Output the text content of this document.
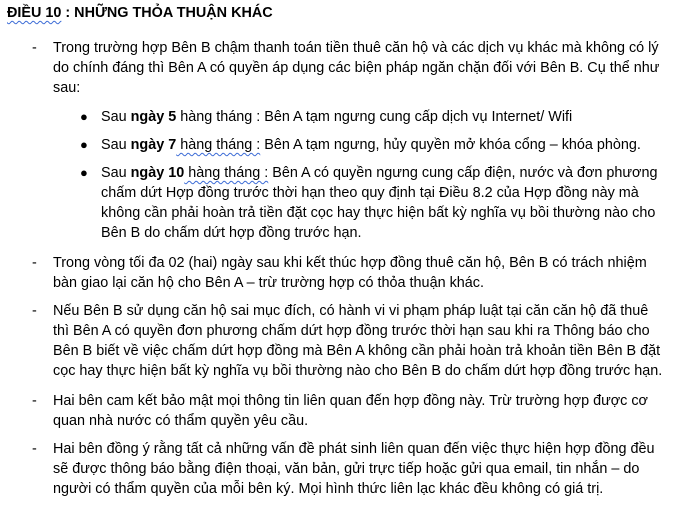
ĐIỀU 10 : NHỮNG THỎA THUẬN KHÁC
- Trong trường hợp Bên B chậm thanh toán tiền thuê căn hộ và các dịch vụ khác mà không có lý
do chính đáng thì Bên A có quyền áp dụng các biện pháp ngăn chặn đối với Bên B. Cụ thể như
sau:
● Sau ngày 5 hàng tháng : Bên A tạm ngưng cung cấp dịch vụ Internet/ Wifi
● Sau ngày 7 hàng tháng : Bên A tạm ngưng, hủy quyền mở khóa cổng – khóa phòng.
● Sau ngày 10 hàng tháng : Bên A có quyền ngưng cung cấp điện, nước và đơn phương
chấm dứt Hợp đồng trước thời hạn theo quy định tại Điều 8.2 của Hợp đồng này mà
không cần phải hoàn trả tiền đặt cọc hay thực hiện bất kỳ nghĩa vụ bồi thường nào cho
Bên B do chấm dứt hợp đồng trước hạn.
- Trong vòng tối đa 02 (hai) ngày sau khi kết thúc hợp đồng thuê căn hộ, Bên B có trách nhiệm
bàn giao lại căn hộ cho Bên A – trừ trường hợp có thỏa thuận khác.
- Nếu Bên B sử dụng căn hộ sai mục đích, có hành vi vi phạm pháp luật tại căn căn hộ đã thuê
thì Bên A có quyền đơn phương chấm dứt hợp đồng trước thời hạn sau khi ra Thông báo cho
Bên B biết về việc chấm dứt hợp đồng mà Bên A không cần phải hoàn trả khoản tiền Bên B đặt
cọc hay thực hiện bất kỳ nghĩa vụ bồi thường nào cho Bên B do chấm dứt hợp đồng trước hạn.
- Hai bên cam kết bảo mật mọi thông tin liên quan đến hợp đồng này. Trừ trường hợp được cơ
quan nhà nước có thẩm quyền yêu cầu.
- Hai bên đồng ý rằng tất cả những vấn đề phát sinh liên quan đến việc thực hiện hợp đồng đều
sẽ được thông báo bằng điện thoại, văn bản, gửi trực tiếp hoặc gửi qua email, tin nhắn – do
người có thẩm quyền của mỗi bên ký. Mọi hình thức liên lạc khác đều không có giá trị.
